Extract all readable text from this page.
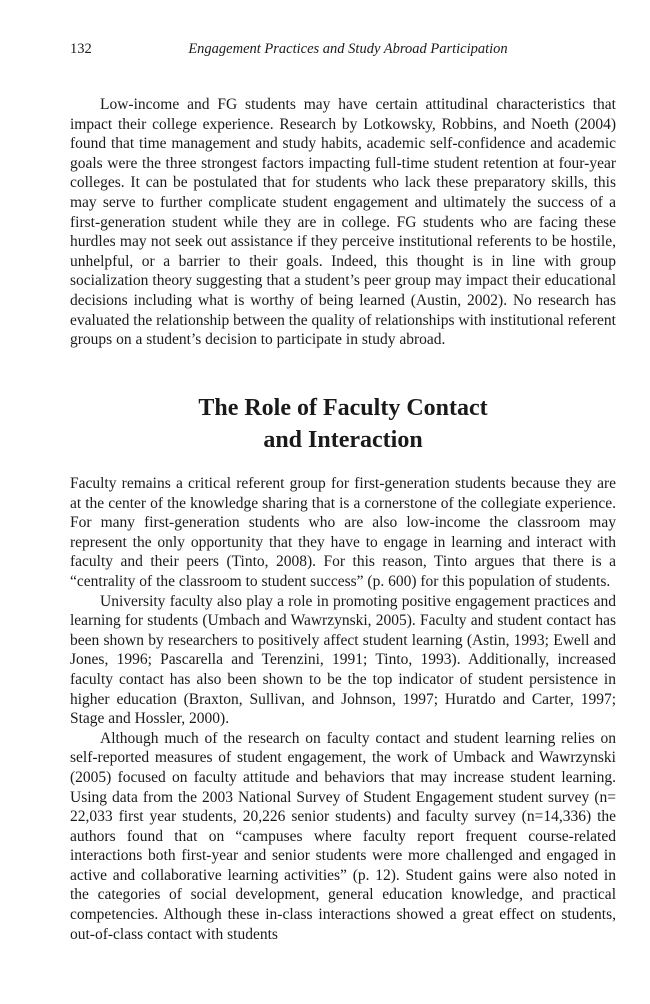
132	Engagement Practices and Study Abroad Participation

Low-income and FG students may have certain attitudinal characteristics that impact their college experience. Research by Lotkowsky, Robbins, and Noeth (2004) found that time management and study habits, academic self-confidence and academic goals were the three strongest factors impacting full-time student retention at four-year colleges. It can be postulated that for students who lack these preparatory skills, this may serve to further complicate student engagement and ultimately the success of a first-generation student while they are in college. FG students who are facing these hurdles may not seek out assistance if they perceive institutional referents to be hostile, unhelpful, or a barrier to their goals. Indeed, this thought is in line with group socialization theory suggesting that a student’s peer group may impact their educational decisions including what is worthy of being learned (Austin, 2002). No research has evaluated the relationship between the quality of relationships with institutional referent groups on a student’s decision to participate in study abroad.

The Role of Faculty Contact
and Interaction

Faculty remains a critical referent group for first-generation students because they are at the center of the knowledge sharing that is a cornerstone of the collegiate experience. For many first-generation students who are also low-income the classroom may represent the only opportunity that they have to engage in learning and interact with faculty and their peers (Tinto, 2008). For this reason, Tinto argues that there is a “centrality of the classroom to student success” (p. 600) for this population of students.

University faculty also play a role in promoting positive engagement practices and learning for students (Umbach and Wawrzynski, 2005). Faculty and student contact has been shown by researchers to positively affect student learning (Astin, 1993; Ewell and Jones, 1996; Pascarella and Terenzini, 1991; Tinto, 1993). Additionally, increased faculty contact has also been shown to be the top indicator of student persistence in higher education (Braxton, Sullivan, and Johnson, 1997; Huratdo and Carter, 1997; Stage and Hossler, 2000).

Although much of the research on faculty contact and student learning relies on self-reported measures of student engagement, the work of Umback and Wawrzynski (2005) focused on faculty attitude and behaviors that may increase student learning. Using data from the 2003 National Survey of Student Engagement student survey (n= 22,033 first year students, 20,226 senior students) and faculty survey (n=14,336) the authors found that on “campuses where faculty report frequent course-related interactions both first-year and senior students were more challenged and engaged in active and collaborative learning activities” (p. 12). Student gains were also noted in the categories of social development, general education knowledge, and practical competencies. Although these in-class interactions showed a great effect on students, out-of-class contact with students
